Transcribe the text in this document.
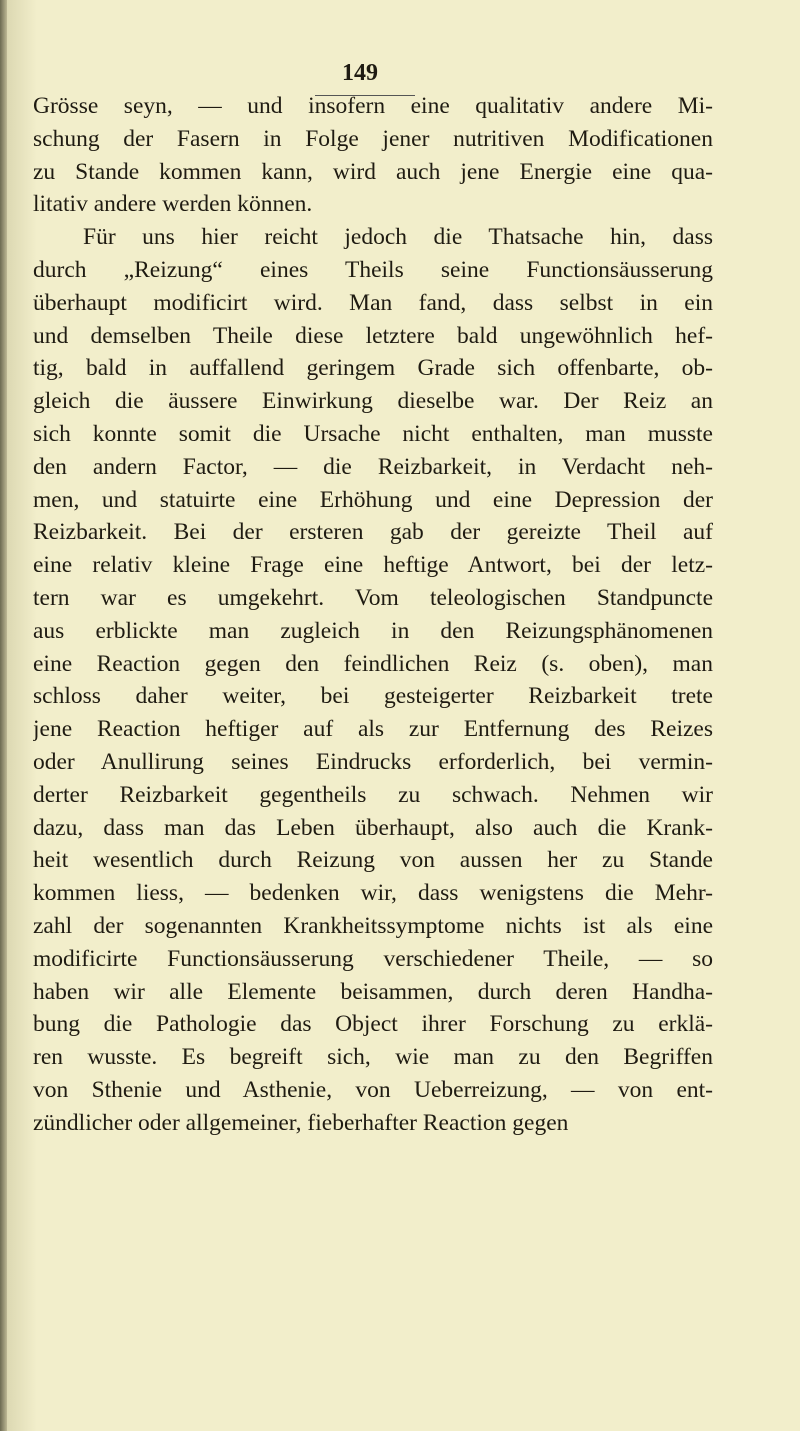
149
Grösse seyn, — und insofern eine qualitativ andere Mi-
schung der Fasern in Folge jener nutritiven Modificationen
zu Stande kommen kann, wird auch jene Energie eine qua-
litativ andere werden können.
Für uns hier reicht jedoch die Thatsache hin, dass
durch „Reizung“ eines Theils seine Functionsäusserung
überhaupt modificirt wird. Man fand, dass selbst in ein
und demselben Theile diese letztere bald ungewöhnlich hef-
tig, bald in auffallend geringem Grade sich offenbarte, ob-
gleich die äussere Einwirkung dieselbe war. Der Reiz an
sich konnte somit die Ursache nicht enthalten, man musste
den andern Factor, — die Reizbarkeit, in Verdacht neh-
men, und statuirte eine Erhöhung und eine Depression der
Reizbarkeit. Bei der ersteren gab der gereizte Theil auf
eine relativ kleine Frage eine heftige Antwort, bei der letz-
tern war es umgekehrt. Vom teleologischen Standpuncte
aus erblickte man zugleich in den Reizungsphänomenen
eine Reaction gegen den feindlichen Reiz (s. oben), man
schloss daher weiter, bei gesteigerter Reizbarkeit trete
jene Reaction heftiger auf als zur Entfernung des Reizes
oder Anullirung seines Eindrucks erforderlich, bei vermin-
derter Reizbarkeit gegentheils zu schwach. Nehmen wir
dazu, dass man das Leben überhaupt, also auch die Krank-
heit wesentlich durch Reizung von aussen her zu Stande
kommen liess, — bedenken wir, dass wenigstens die Mehr-
zahl der sogenannten Krankheitssymptome nichts ist als eine
modificirte Functionsäusserung verschiedener Theile, — so
haben wir alle Elemente beisammen, durch deren Handha-
bung die Pathologie das Object ihrer Forschung zu erklä-
ren wusste. Es begreift sich, wie man zu den Begriffen
von Sthenie und Asthenie, von Ueberreizung, — von ent-
zündlicher oder allgemeiner, fieberhafter Reaction gegen
